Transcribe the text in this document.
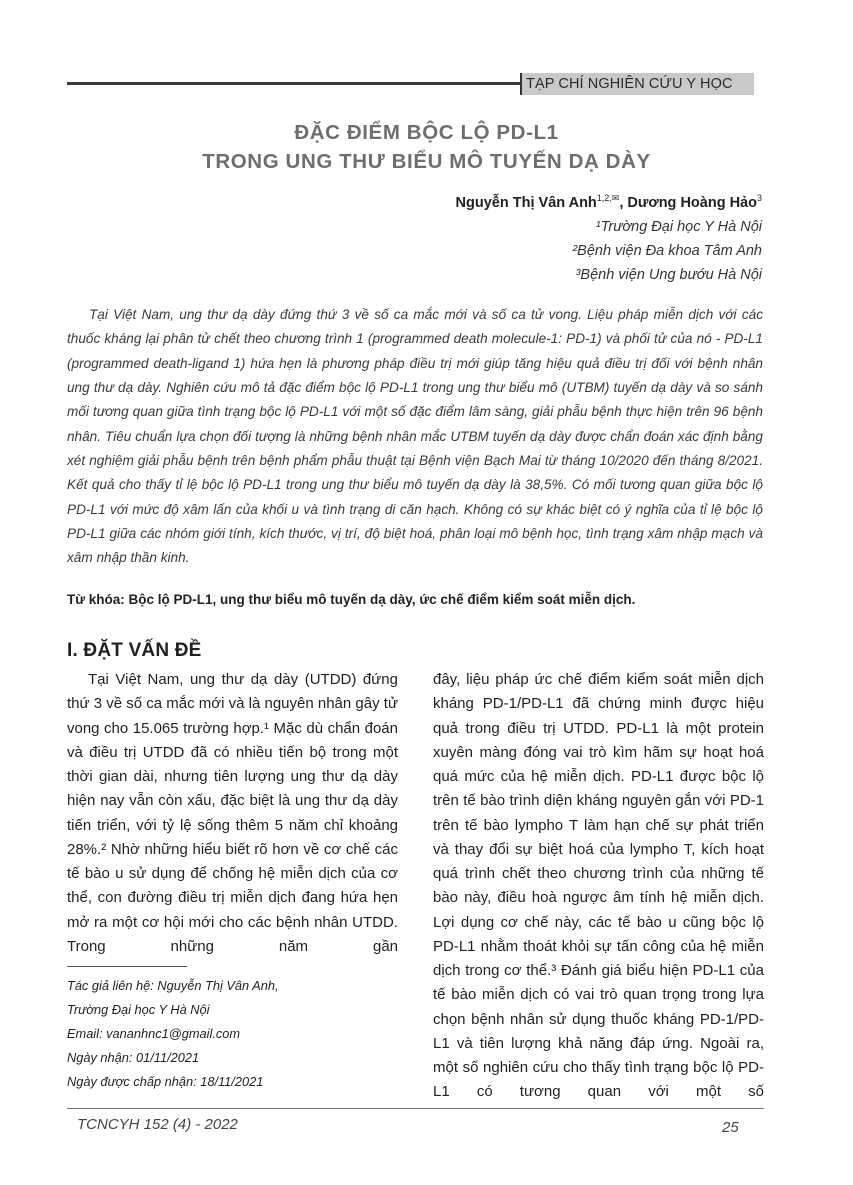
TẠP CHÍ NGHIÊN CỨU Y HỌC
ĐẶC ĐIỂM BỘC LỘ PD-L1
TRONG UNG THƯ BIỂU MÔ TUYẾN DẠ DÀY
Nguyễn Thị Vân Anh$^{1,2,✉}$, Dương Hoàng Hảo$^3$
¹Trường Đại học Y Hà Nội
²Bệnh viện Đa khoa Tâm Anh
³Bệnh viện Ung bướu Hà Nội
Tại Việt Nam, ung thư dạ dày đứng thứ 3 về số ca mắc mới và số ca tử vong. Liệu pháp miễn dịch với các thuốc kháng lại phân tử chết theo chương trình 1 (programmed death molecule-1: PD-1) và phối tử của nó - PD-L1 (programmed death-ligand 1) hứa hẹn là phương pháp điều trị mới giúp tăng hiệu quả điều trị đối với bệnh nhân ung thư dạ dày. Nghiên cứu mô tả đặc điểm bộc lộ PD-L1 trong ung thư biểu mô (UTBM) tuyến dạ dày và so sánh mối tương quan giữa tình trạng bộc lộ PD-L1 với một số đặc điểm lâm sàng, giải phẫu bệnh thực hiện trên 96 bệnh nhân. Tiêu chuẩn lựa chọn đối tượng là những bệnh nhân mắc UTBM tuyến dạ dày được chẩn đoán xác định bằng xét nghiệm giải phẫu bệnh trên bệnh phẩm phẫu thuật tại Bệnh viện Bạch Mai từ tháng 10/2020 đến tháng 8/2021. Kết quả cho thấy tỉ lệ bộc lộ PD-L1 trong ung thư biểu mô tuyến dạ dày là 38,5%. Có mối tương quan giữa bộc lộ PD-L1 với mức độ xâm lấn của khối u và tình trạng di căn hạch. Không có sự khác biệt có ý nghĩa của tỉ lệ bộc lộ PD-L1 giữa các nhóm giới tính, kích thước, vị trí, độ biệt hoá, phân loại mô bệnh học, tình trạng xâm nhập mạch và xâm nhập thần kinh.
Từ khóa: Bộc lộ PD-L1, ung thư biểu mô tuyến dạ dày, ức chế điểm kiểm soát miễn dịch.
I. ĐẶT VẤN ĐỀ
Tại Việt Nam, ung thư dạ dày (UTDD) đứng thứ 3 về số ca mắc mới và là nguyên nhân gây tử vong cho 15.065 trường hợp.¹ Mặc dù chẩn đoán và điều trị UTDD đã có nhiều tiến bộ trong một thời gian dài, nhưng tiên lượng ung thư dạ dày hiện nay vẫn còn xấu, đặc biệt là ung thư dạ dày tiến triển, với tỷ lệ sống thêm 5 năm chỉ khoảng 28%.² Nhờ những hiểu biết rõ hơn về cơ chế các tế bào u sử dụng để chống hệ miễn dịch của cơ thể, con đường điều trị miễn dịch đang hứa hẹn mở ra một cơ hội mới cho các bệnh nhân UTDD. Trong những năm gần
đây, liệu pháp ức chế điểm kiểm soát miễn dịch kháng PD-1/PD-L1 đã chứng minh được hiệu quả trong điều trị UTDD. PD-L1 là một protein xuyên màng đóng vai trò kìm hãm sự hoạt hoá quá mức của hệ miễn dịch. PD-L1 được bộc lộ trên tế bào trình diện kháng nguyên gắn với PD-1 trên tế bào lympho T làm hạn chế sự phát triển và thay đổi sự biệt hoá của lympho T, kích hoạt quá trình chết theo chương trình của những tế bào này, điều hoà ngược âm tính hệ miễn dịch. Lợi dụng cơ chế này, các tế bào u cũng bộc lộ PD-L1 nhằm thoát khỏi sự tấn công của hệ miễn dịch trong cơ thể.³ Đánh giá biểu hiện PD-L1 của tế bào miễn dịch có vai trò quan trọng trong lựa chọn bệnh nhân sử dụng thuốc kháng PD-1/PD-L1 và tiên lượng khả năng đáp ứng. Ngoài ra, một số nghiên cứu cho thấy tình trạng bộc lộ PD-L1 có tương quan với một số
Tác giả liên hệ: Nguyễn Thị Vân Anh,
Trường Đại học Y Hà Nội
Email: vananhnc1@gmail.com
Ngày nhận: 01/11/2021
Ngày được chấp nhận: 18/11/2021
TCNCYH 152 (4) - 2022	25
